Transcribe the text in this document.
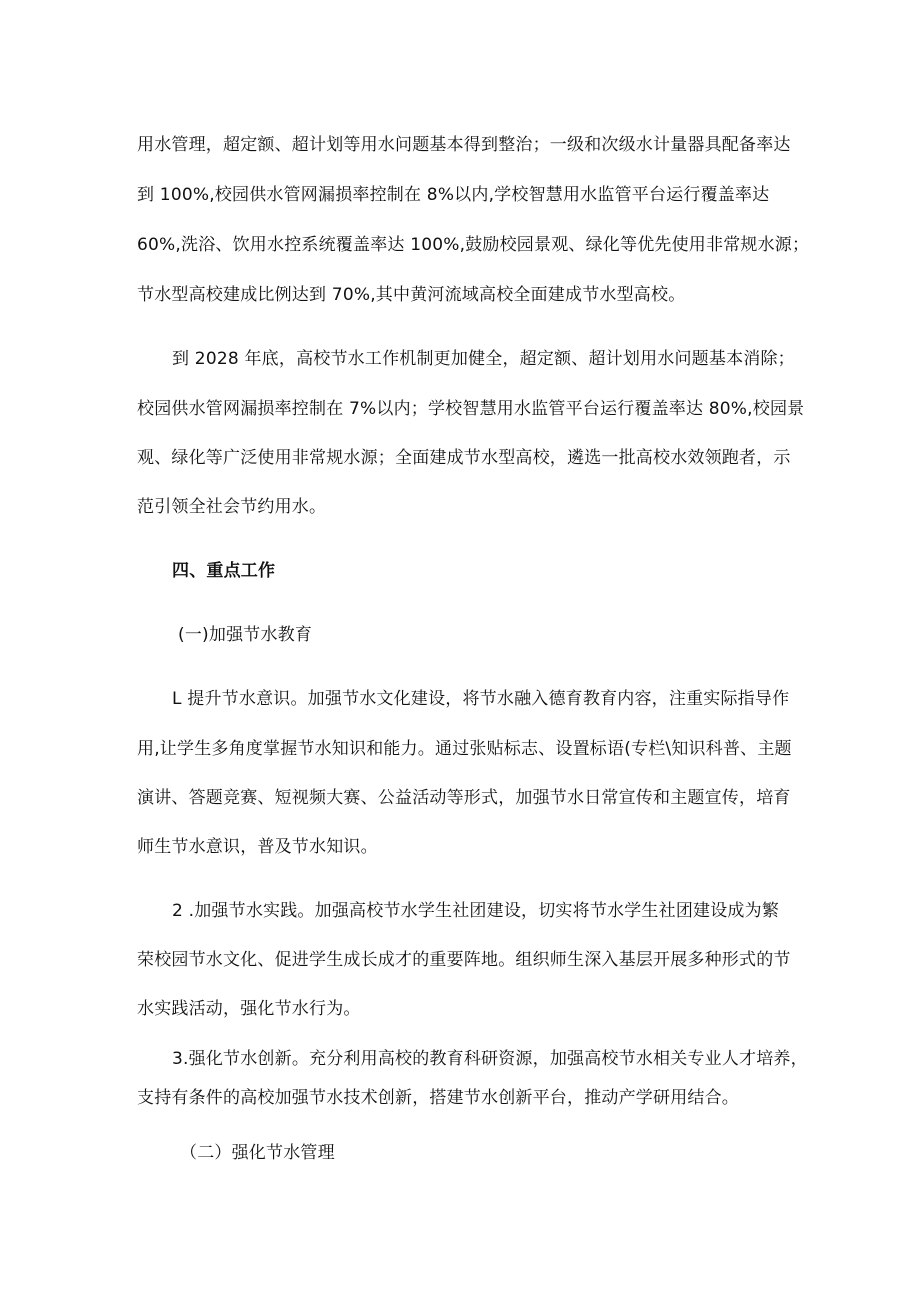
用水管理，超定额、超计划等用水问题基本得到整治；一级和次级水计量器具配备率达
到 100%,校园供水管网漏损率控制在 8%以内,学校智慧用水监管平台运行覆盖率达
60%,洗浴、饮用水控系统覆盖率达 100%,鼓励校园景观、绿化等优先使用非常规水源；
节水型高校建成比例达到 70%,其中黄河流域高校全面建成节水型高校。
到 2028 年底，高校节水工作机制更加健全，超定额、超计划用水问题基本消除；
校园供水管网漏损率控制在 7%以内；学校智慧用水监管平台运行覆盖率达 80%,校园景
观、绿化等广泛使用非常规水源；全面建成节水型高校，遴选一批高校水效领跑者，示
范引领全社会节约用水。
四、重点工作
(一)加强节水教育
L 提升节水意识。加强节水文化建设，将节水融入德育教育内容，注重实际指导作
用,让学生多角度掌握节水知识和能力。通过张贴标志、设置标语(专栏\知识科普、主题
演讲、答题竞赛、短视频大赛、公益活动等形式，加强节水日常宣传和主题宣传，培育
师生节水意识，普及节水知识。
2 .加强节水实践。加强高校节水学生社团建设，切实将节水学生社团建设成为繁
荣校园节水文化、促进学生成长成才的重要阵地。组织师生深入基层开展多种形式的节
水实践活动，强化节水行为。
3.强化节水创新。充分利用高校的教育科研资源，加强高校节水相关专业人才培养，
支持有条件的高校加强节水技术创新，搭建节水创新平台，推动产学研用结合。
（二）强化节水管理
